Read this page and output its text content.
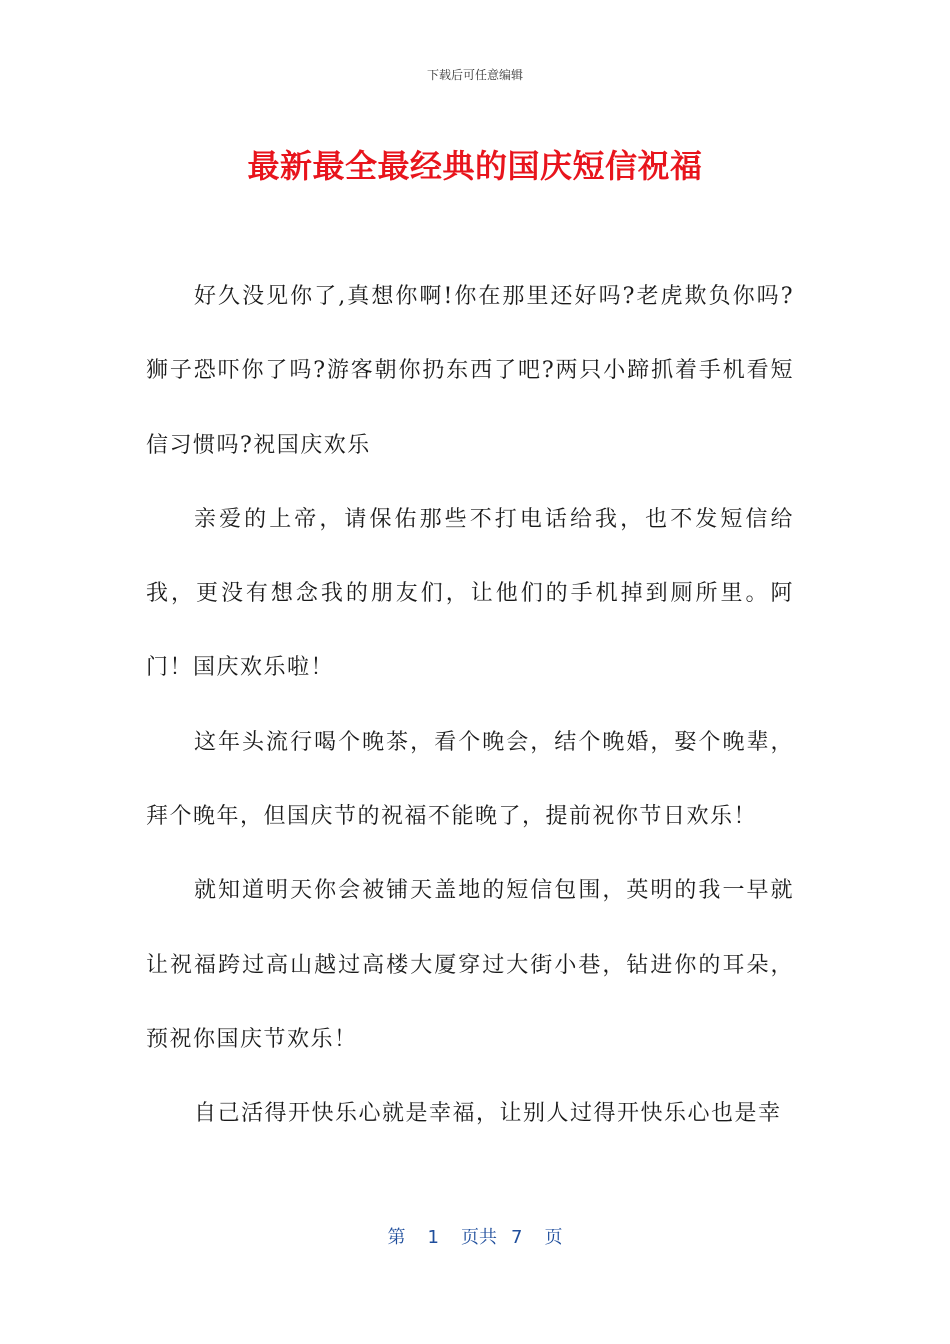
下载后可任意编辑
最新最全最经典的国庆短信祝福

好久没见你了,真想你啊!你在那里还好吗?老虎欺负你吗?狮子恐吓你了吗?游客朝你扔东西了吧?两只小蹄抓着手机看短信习惯吗?祝国庆欢乐

亲爱的上帝，请保佑那些不打电话给我，也不发短信给我，更没有想念我的朋友们，让他们的手机掉到厕所里。阿门！国庆欢乐啦！

这年头流行喝个晚茶，看个晚会，结个晚婚，娶个晚辈，拜个晚年，但国庆节的祝福不能晚了，提前祝你节日欢乐！

就知道明天你会被铺天盖地的短信包围，英明的我一早就让祝福跨过高山越过高楼大厦穿过大街小巷，钻进你的耳朵，预祝你国庆节欢乐！

自己活得开快乐心就是幸福，让别人过得开快乐心也是幸

第 1 页共 7 页
